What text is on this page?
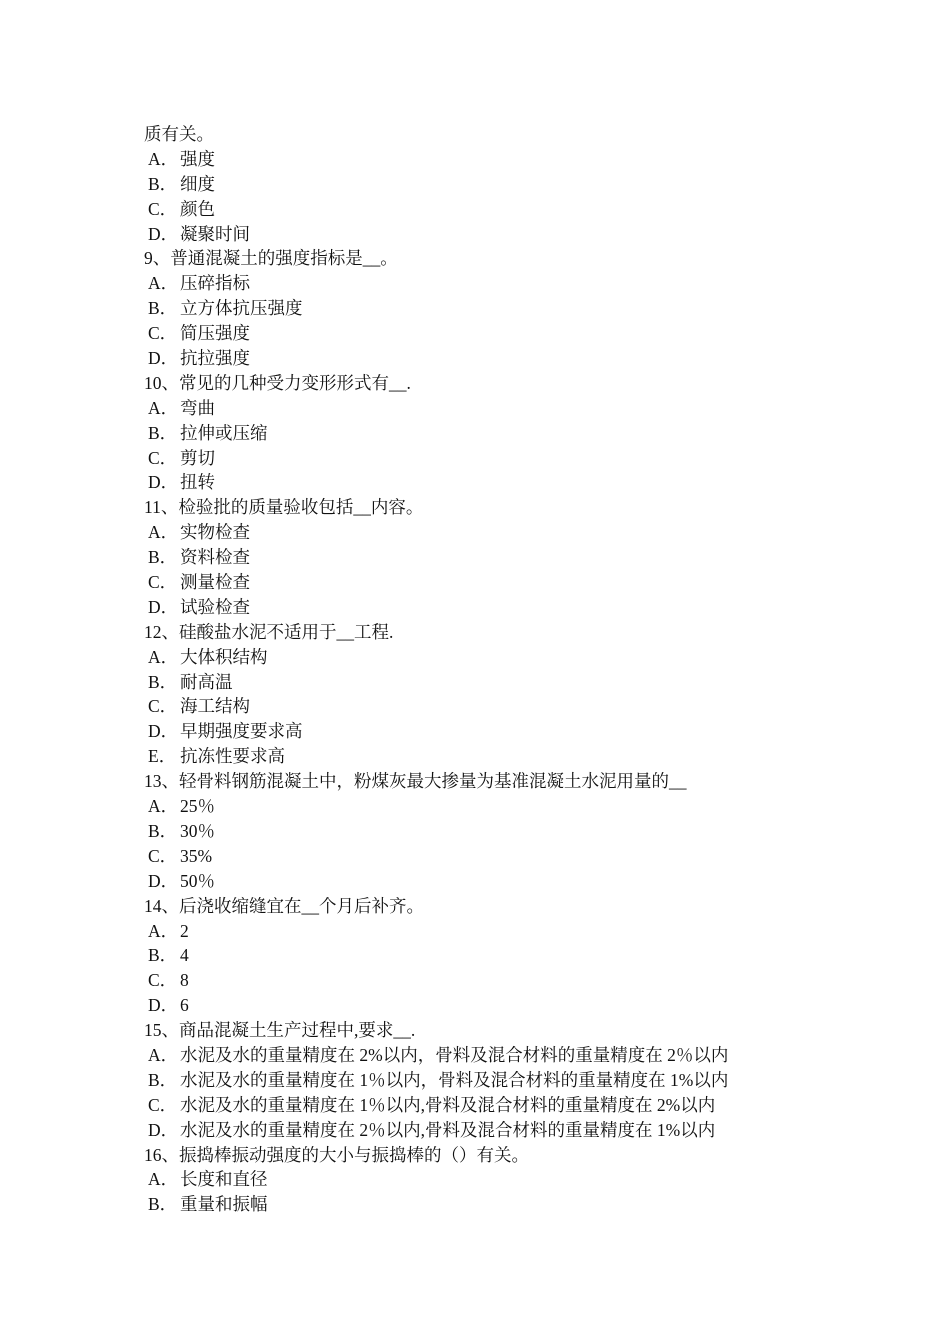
质有关。
A． 强度
B． 细度
C． 颜色
D． 凝聚时间
9、普通混凝土的强度指标是__。
A． 压碎指标
B． 立方体抗压强度
C． 简压强度
D． 抗拉强度
10、常见的几种受力变形形式有__.
A． 弯曲
B． 拉伸或压缩
C． 剪切
D． 扭转
11、检验批的质量验收包括__内容。
A． 实物检查
B． 资料检查
C． 测量检查
D． 试验检查
12、硅酸盐水泥不适用于__工程.
A． 大体积结构
B． 耐高温
C． 海工结构
D． 早期强度要求高
E． 抗冻性要求高
13、轻骨料钢筋混凝土中，粉煤灰最大掺量为基准混凝土水泥用量的__
A． 25％
B． 30％
C． 35%
D． 50％
14、后浇收缩缝宜在__个月后补齐。
A． 2
B． 4
C． 8
D． 6
15、商品混凝土生产过程中,要求__.
A． 水泥及水的重量精度在 2%以内，骨料及混合材料的重量精度在 2％以内
B． 水泥及水的重量精度在 1％以内，骨料及混合材料的重量精度在 1%以内
C． 水泥及水的重量精度在 1％以内,骨料及混合材料的重量精度在 2%以内
D． 水泥及水的重量精度在 2％以内,骨料及混合材料的重量精度在 1%以内
16、振捣棒振动强度的大小与振捣棒的（）有关。
A． 长度和直径
B． 重量和振幅
